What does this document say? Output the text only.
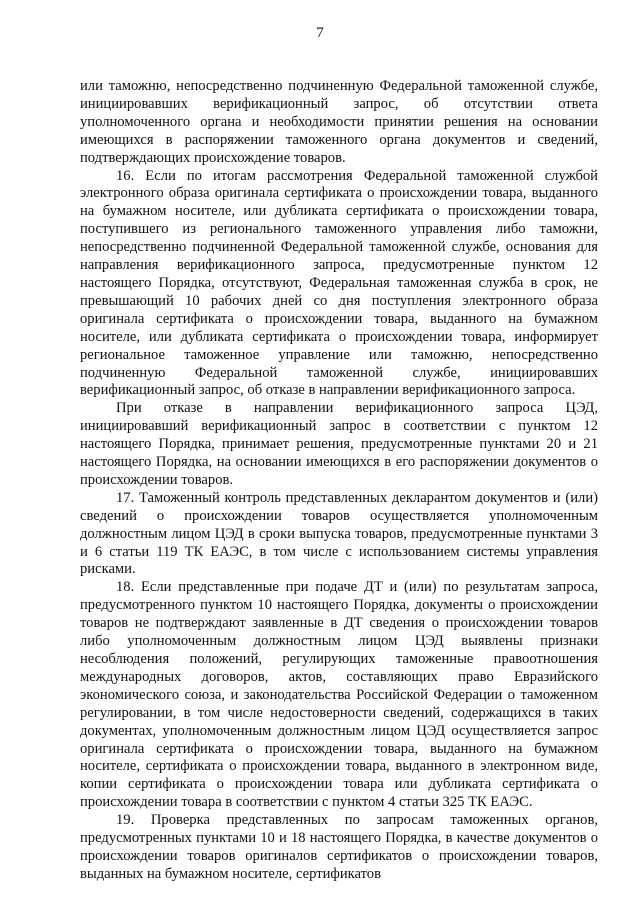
7

или таможню, непосредственно подчиненную Федеральной таможенной службе, инициировавших верификационный запрос, об отсутствии ответа уполномоченного органа и необходимости принятии решения на основании имеющихся в распоряжении таможенного органа документов и сведений, подтверждающих происхождение товаров.

16. Если по итогам рассмотрения Федеральной таможенной службой электронного образа оригинала сертификата о происхождении товара, выданного на бумажном носителе, или дубликата сертификата о происхождении товара, поступившего из регионального таможенного управления либо таможни, непосредственно подчиненной Федеральной таможенной службе, основания для направления верификационного запроса, предусмотренные пунктом 12 настоящего Порядка, отсутствуют, Федеральная таможенная служба в срок, не превышающий 10 рабочих дней со дня поступления электронного образа оригинала сертификата о происхождении товара, выданного на бумажном носителе, или дубликата сертификата о происхождении товара, информирует региональное таможенное управление или таможню, непосредственно подчиненную Федеральной таможенной службе, инициировавших верификационный запрос, об отказе в направлении верификационного запроса.

При отказе в направлении верификационного запроса ЦЭД, инициировавший верификационный запрос в соответствии с пунктом 12 настоящего Порядка, принимает решения, предусмотренные пунктами 20 и 21 настоящего Порядка, на основании имеющихся в его распоряжении документов о происхождении товаров.

17. Таможенный контроль представленных декларантом документов и (или) сведений о происхождении товаров осуществляется уполномоченным должностным лицом ЦЭД в сроки выпуска товаров, предусмотренные пунктами 3 и 6 статьи 119 ТК ЕАЭС, в том числе с использованием системы управления рисками.

18. Если представленные при подаче ДТ и (или) по результатам запроса, предусмотренного пунктом 10 настоящего Порядка, документы о происхождении товаров не подтверждают заявленные в ДТ сведения о происхождении товаров либо уполномоченным должностным лицом ЦЭД выявлены признаки несоблюдения положений, регулирующих таможенные правоотношения международных договоров, актов, составляющих право Евразийского экономического союза, и законодательства Российской Федерации о таможенном регулировании, в том числе недостоверности сведений, содержащихся в таких документах, уполномоченным должностным лицом ЦЭД осуществляется запрос оригинала сертификата о происхождении товара, выданного на бумажном носителе, сертификата о происхождении товара, выданного в электронном виде, копии сертификата о происхождении товара или дубликата сертификата о происхождении товара в соответствии с пунктом 4 статьи 325 ТК ЕАЭС.

19. Проверка представленных по запросам таможенных органов, предусмотренных пунктами 10 и 18 настоящего Порядка, в качестве документов о происхождении товаров оригиналов сертификатов о происхождении товаров, выданных на бумажном носителе, сертификатов
